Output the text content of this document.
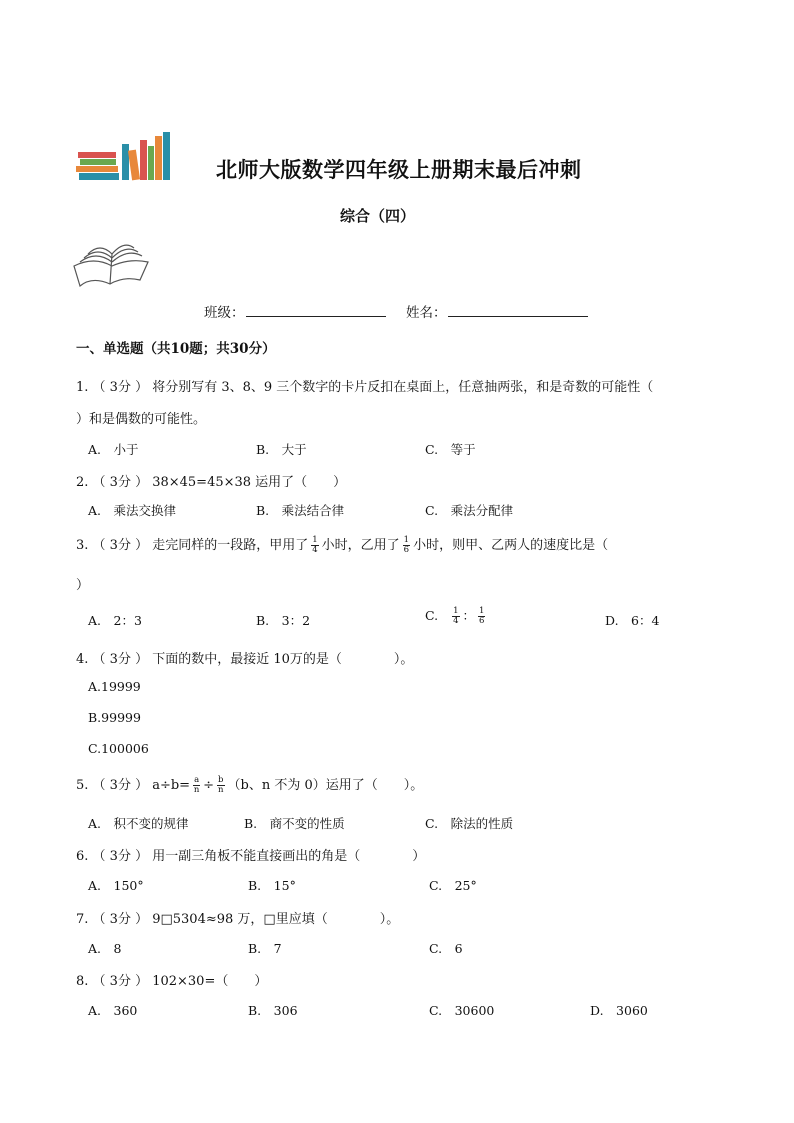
北师大版数学四年级上册期末最后冲刺
综合（四）
班级：	姓名：
一、单选题（共10题；共30分）
1. （ 3分 ） 将分别写有 3、8、9 三个数字的卡片反扣在桌面上，任意抽两张，和是奇数的可能性（
）和是偶数的可能性。
A.　小于	B.　大于	C.　等于
2. （ 3分 ） 38×45=45×38 运用了（　　）
A.　乘法交换律	B.　乘法结合律	C.　乘法分配律
3. （ 3分 ） 走完同样的一段路，甲用了 $\frac{1}{4}$ 小时，乙用了 $\frac{1}{6}$ 小时，则甲、乙两人的速度比是（
）
A.　2：3	B.　3：2	C. $\frac{1}{4}$ ： $\frac{1}{6}$	D.　6：4
4. （ 3分 ） 下面的数中，最接近 10万的是（　　　　）。
A.19999
B.99999
C.100006
5. （ 3分 ） $a\div b= \frac{a}{n} \div \frac{b}{n} (b$、n 不为 0）运用了（　　）。
A.　积不变的规律	B.　商不变的性质	C.　除法的性质
6. （ 3分 ） 用一副三角板不能直接画出的角是（　　　　）
A.　150°	B.　15°	C.　25°
7. （ 3分 ） 9□5304≈98 万，□里应填（　　　　）。
A.　8	B.　7	C.　6
8. （ 3分 ） 102×30=（　　）
A.　360	B.　306	C.　30600	D.　3060
